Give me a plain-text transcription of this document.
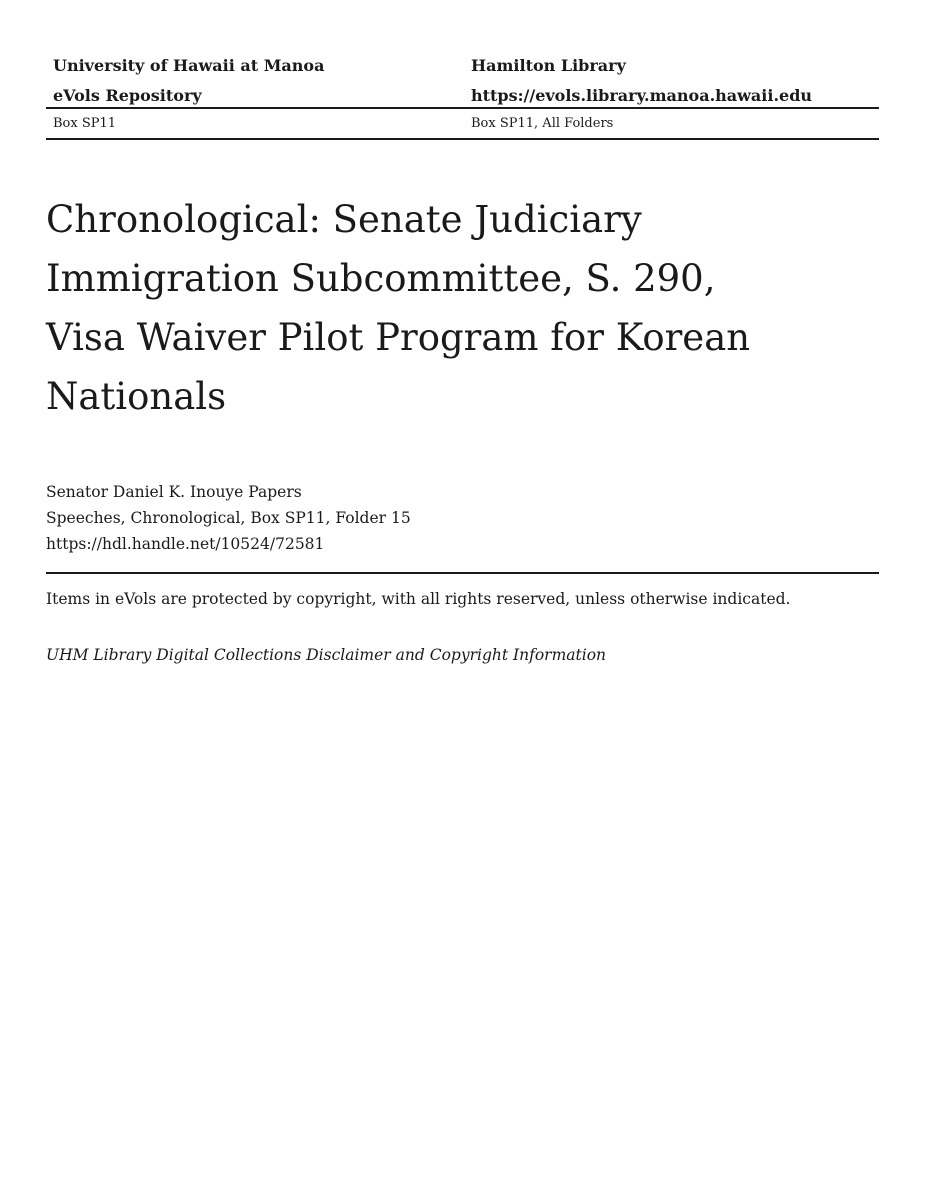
University of Hawaii at Manoa
eVols Repository
Hamilton Library
https://evols.library.manoa.hawaii.edu
Box SP11	Box SP11, All Folders
Chronological: Senate Judiciary Immigration Subcommittee, S. 290, Visa Waiver Pilot Program for Korean Nationals
Senator Daniel K. Inouye Papers
Speeches, Chronological, Box SP11, Folder 15
https://hdl.handle.net/10524/72581
Items in eVols are protected by copyright, with all rights reserved, unless otherwise indicated.
UHM Library Digital Collections Disclaimer and Copyright Information
